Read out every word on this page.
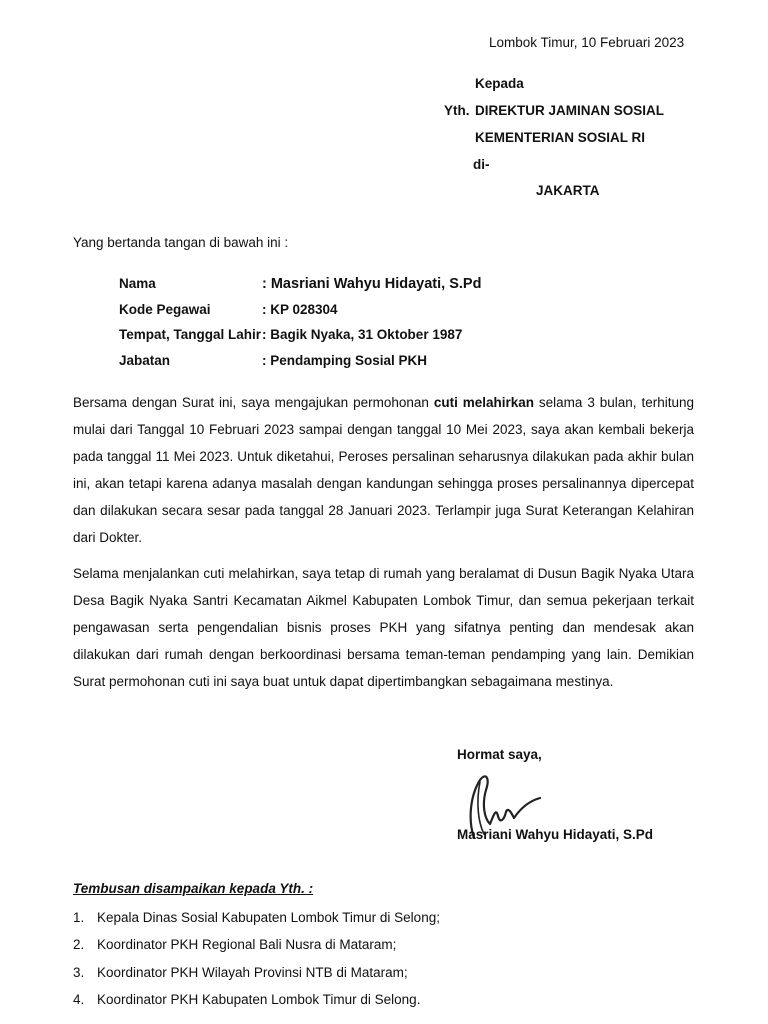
Lombok Timur, 10 Februari 2023
Kepada
Yth. DIREKTUR JAMINAN SOSIAL
KEMENTERIAN SOSIAL RI
di-
JAKARTA
Yang bertanda tangan di bawah ini :
Nama	: Masriani Wahyu Hidayati, S.Pd
Kode Pegawai	: KP 028304
Tempat, Tanggal Lahir : Bagik Nyaka, 31 Oktober 1987
Jabatan	: Pendamping Sosial PKH
Bersama dengan Surat ini, saya mengajukan permohonan cuti melahirkan selama 3 bulan, terhitung mulai dari Tanggal 10 Februari 2023 sampai dengan tanggal 10 Mei 2023, saya akan kembali bekerja pada tanggal 11 Mei 2023. Untuk diketahui, Peroses persalinan seharusnya dilakukan pada akhir bulan ini, akan tetapi karena adanya masalah dengan kandungan sehingga proses persalinannya dipercepat dan dilakukan secara sesar pada tanggal 28 Januari 2023. Terlampir juga Surat Keterangan Kelahiran dari Dokter.
Selama menjalankan cuti melahirkan, saya tetap di rumah yang beralamat di Dusun Bagik Nyaka Utara Desa Bagik Nyaka Santri Kecamatan Aikmel Kabupaten Lombok Timur, dan semua pekerjaan terkait pengawasan serta pengendalian bisnis proses PKH yang sifatnya penting dan mendesak akan dilakukan dari rumah dengan berkoordinasi bersama teman-teman pendamping yang lain. Demikian Surat permohonan cuti ini saya buat untuk dapat dipertimbangkan sebagaimana mestinya.
Hormat saya,
Masriani Wahyu Hidayati, S.Pd
Tembusan disampaikan kepada Yth. :
1. Kepala Dinas Sosial Kabupaten Lombok Timur di Selong;
2. Koordinator PKH Regional Bali Nusra di Mataram;
3. Koordinator PKH Wilayah Provinsi NTB di Mataram;
4. Koordinator PKH Kabupaten Lombok Timur di Selong.
